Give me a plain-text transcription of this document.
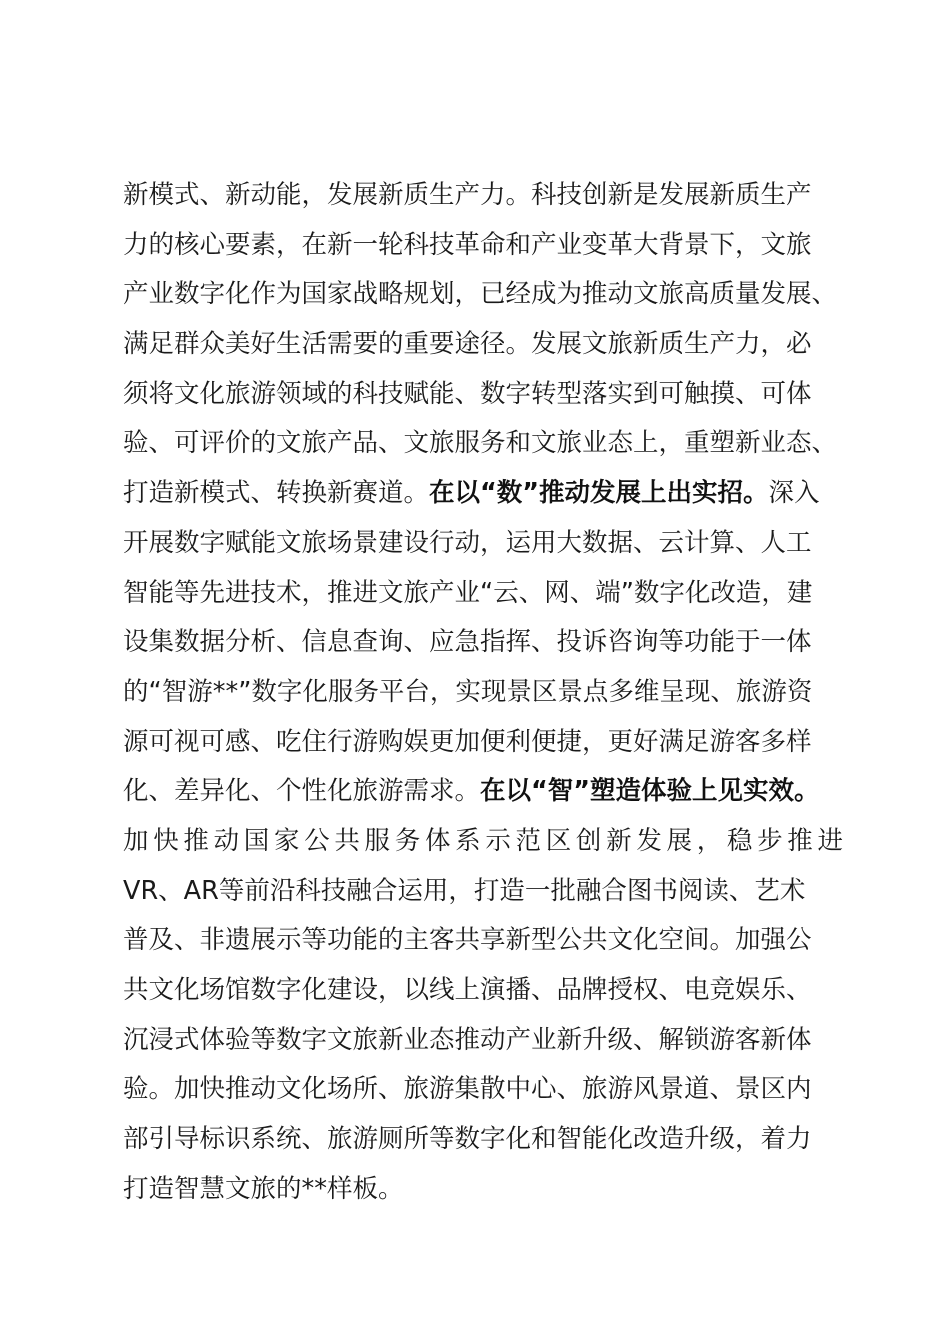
新模式、新动能，发展新质生产力。科技创新是发展新质生产
力的核心要素，在新一轮科技革命和产业变革大背景下，文旅
产业数字化作为国家战略规划，已经成为推动文旅高质量发展、
满足群众美好生活需要的重要途径。发展文旅新质生产力，必
须将文化旅游领域的科技赋能、数字转型落实到可触摸、可体
验、可评价的文旅产品、文旅服务和文旅业态上，重塑新业态、
打造新模式、转换新赛道。在以“数”推动发展上出实招。深入
开展数字赋能文旅场景建设行动，运用大数据、云计算、人工
智能等先进技术，推进文旅产业“云、网、端”数字化改造，建
设集数据分析、信息查询、应急指挥、投诉咨询等功能于一体
的“智游**”数字化服务平台，实现景区景点多维呈现、旅游资
源可视可感、吃住行游购娱更加便利便捷，更好满足游客多样
化、差异化、个性化旅游需求。在以“智”塑造体验上见实效。
加快推动国家公共服务体系示范区创新发展，稳步推进
VR、AR等前沿科技融合运用，打造一批融合图书阅读、艺术
普及、非遗展示等功能的主客共享新型公共文化空间。加强公
共文化场馆数字化建设，以线上演播、品牌授权、电竞娱乐、
沉浸式体验等数字文旅新业态推动产业新升级、解锁游客新体
验。加快推动文化场所、旅游集散中心、旅游风景道、景区内
部引导标识系统、旅游厕所等数字化和智能化改造升级，着力
打造智慧文旅的**样板。
